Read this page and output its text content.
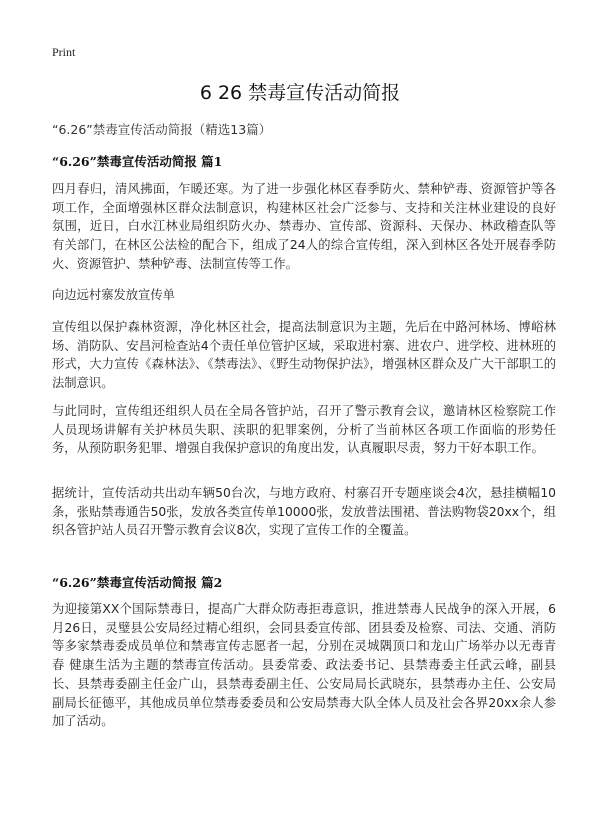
Print
6 26 禁毒宣传活动简报
“6.26”禁毒宣传活动简报（精选13篇）
“6.26”禁毒宣传活动简报 篇1

四月春归，清风拂面，乍暖还寒。为了进一步强化林区春季防火、禁种铲毒、资源管护等各项工作，全面增强林区群众法制意识，构建林区社会广泛参与、支持和关注林业建设的良好氛围，近日，白水江林业局组织防火办、禁毒办、宣传部、资源科、天保办、林政稽查队等有关部门，在林区公法检的配合下，组成了24人的综合宣传组，深入到林区各处开展春季防火、资源管护、禁种铲毒、法制宣传等工作。

向边远村寨发放宣传单

宣传组以保护森林资源，净化林区社会，提高法制意识为主题，先后在中路河林场、博峪林场、消防队、安昌河检查站4个责任单位管护区域，采取进村寨、进农户、进学校、进林班的形式，大力宣传《森林法》、《禁毒法》、《野生动物保护法》，增强林区群众及广大干部职工的法制意识。

与此同时，宣传组还组织人员在全局各管护站，召开了警示教育会议，邀请林区检察院工作人员现场讲解有关护林员失职、渎职的犯罪案例，分析了当前林区各项工作面临的形势任务，从预防职务犯罪、增强自我保护意识的角度出发，认真履职尽责，努力干好本职工作。

据统计，宣传活动共出动车辆50台次，与地方政府、村寨召开专题座谈会4次，悬挂横幅10条，张贴禁毒通告50张，发放各类宣传单10000张，发放普法围裙、普法购物袋20xx个，组织各管护站人员召开警示教育会议8次，实现了宣传工作的全覆盖。

“6.26”禁毒宣传活动简报 篇2

为迎接第XX个国际禁毒日，提高广大群众防毒拒毒意识，推进禁毒人民战争的深入开展，6月26日，灵璧县公安局经过精心组织，会同县委宣传部、团县委及检察、司法、交通、消防等多家禁毒委成员单位和禁毒宣传志愿者一起，分别在灵城隅顶口和龙山广场举办以无毒青春 健康生活为主题的禁毒宣传活动。县委常委、政法委书记、县禁毒委主任武云峰，副县长、县禁毒委副主任金广山，县禁毒委副主任、公安局局长武晓东，县禁毒办主任、公安局副局长征德平，其他成员单位禁毒委委员和公安局禁毒大队全体人员及社会各界20xx余人参加了活动。
